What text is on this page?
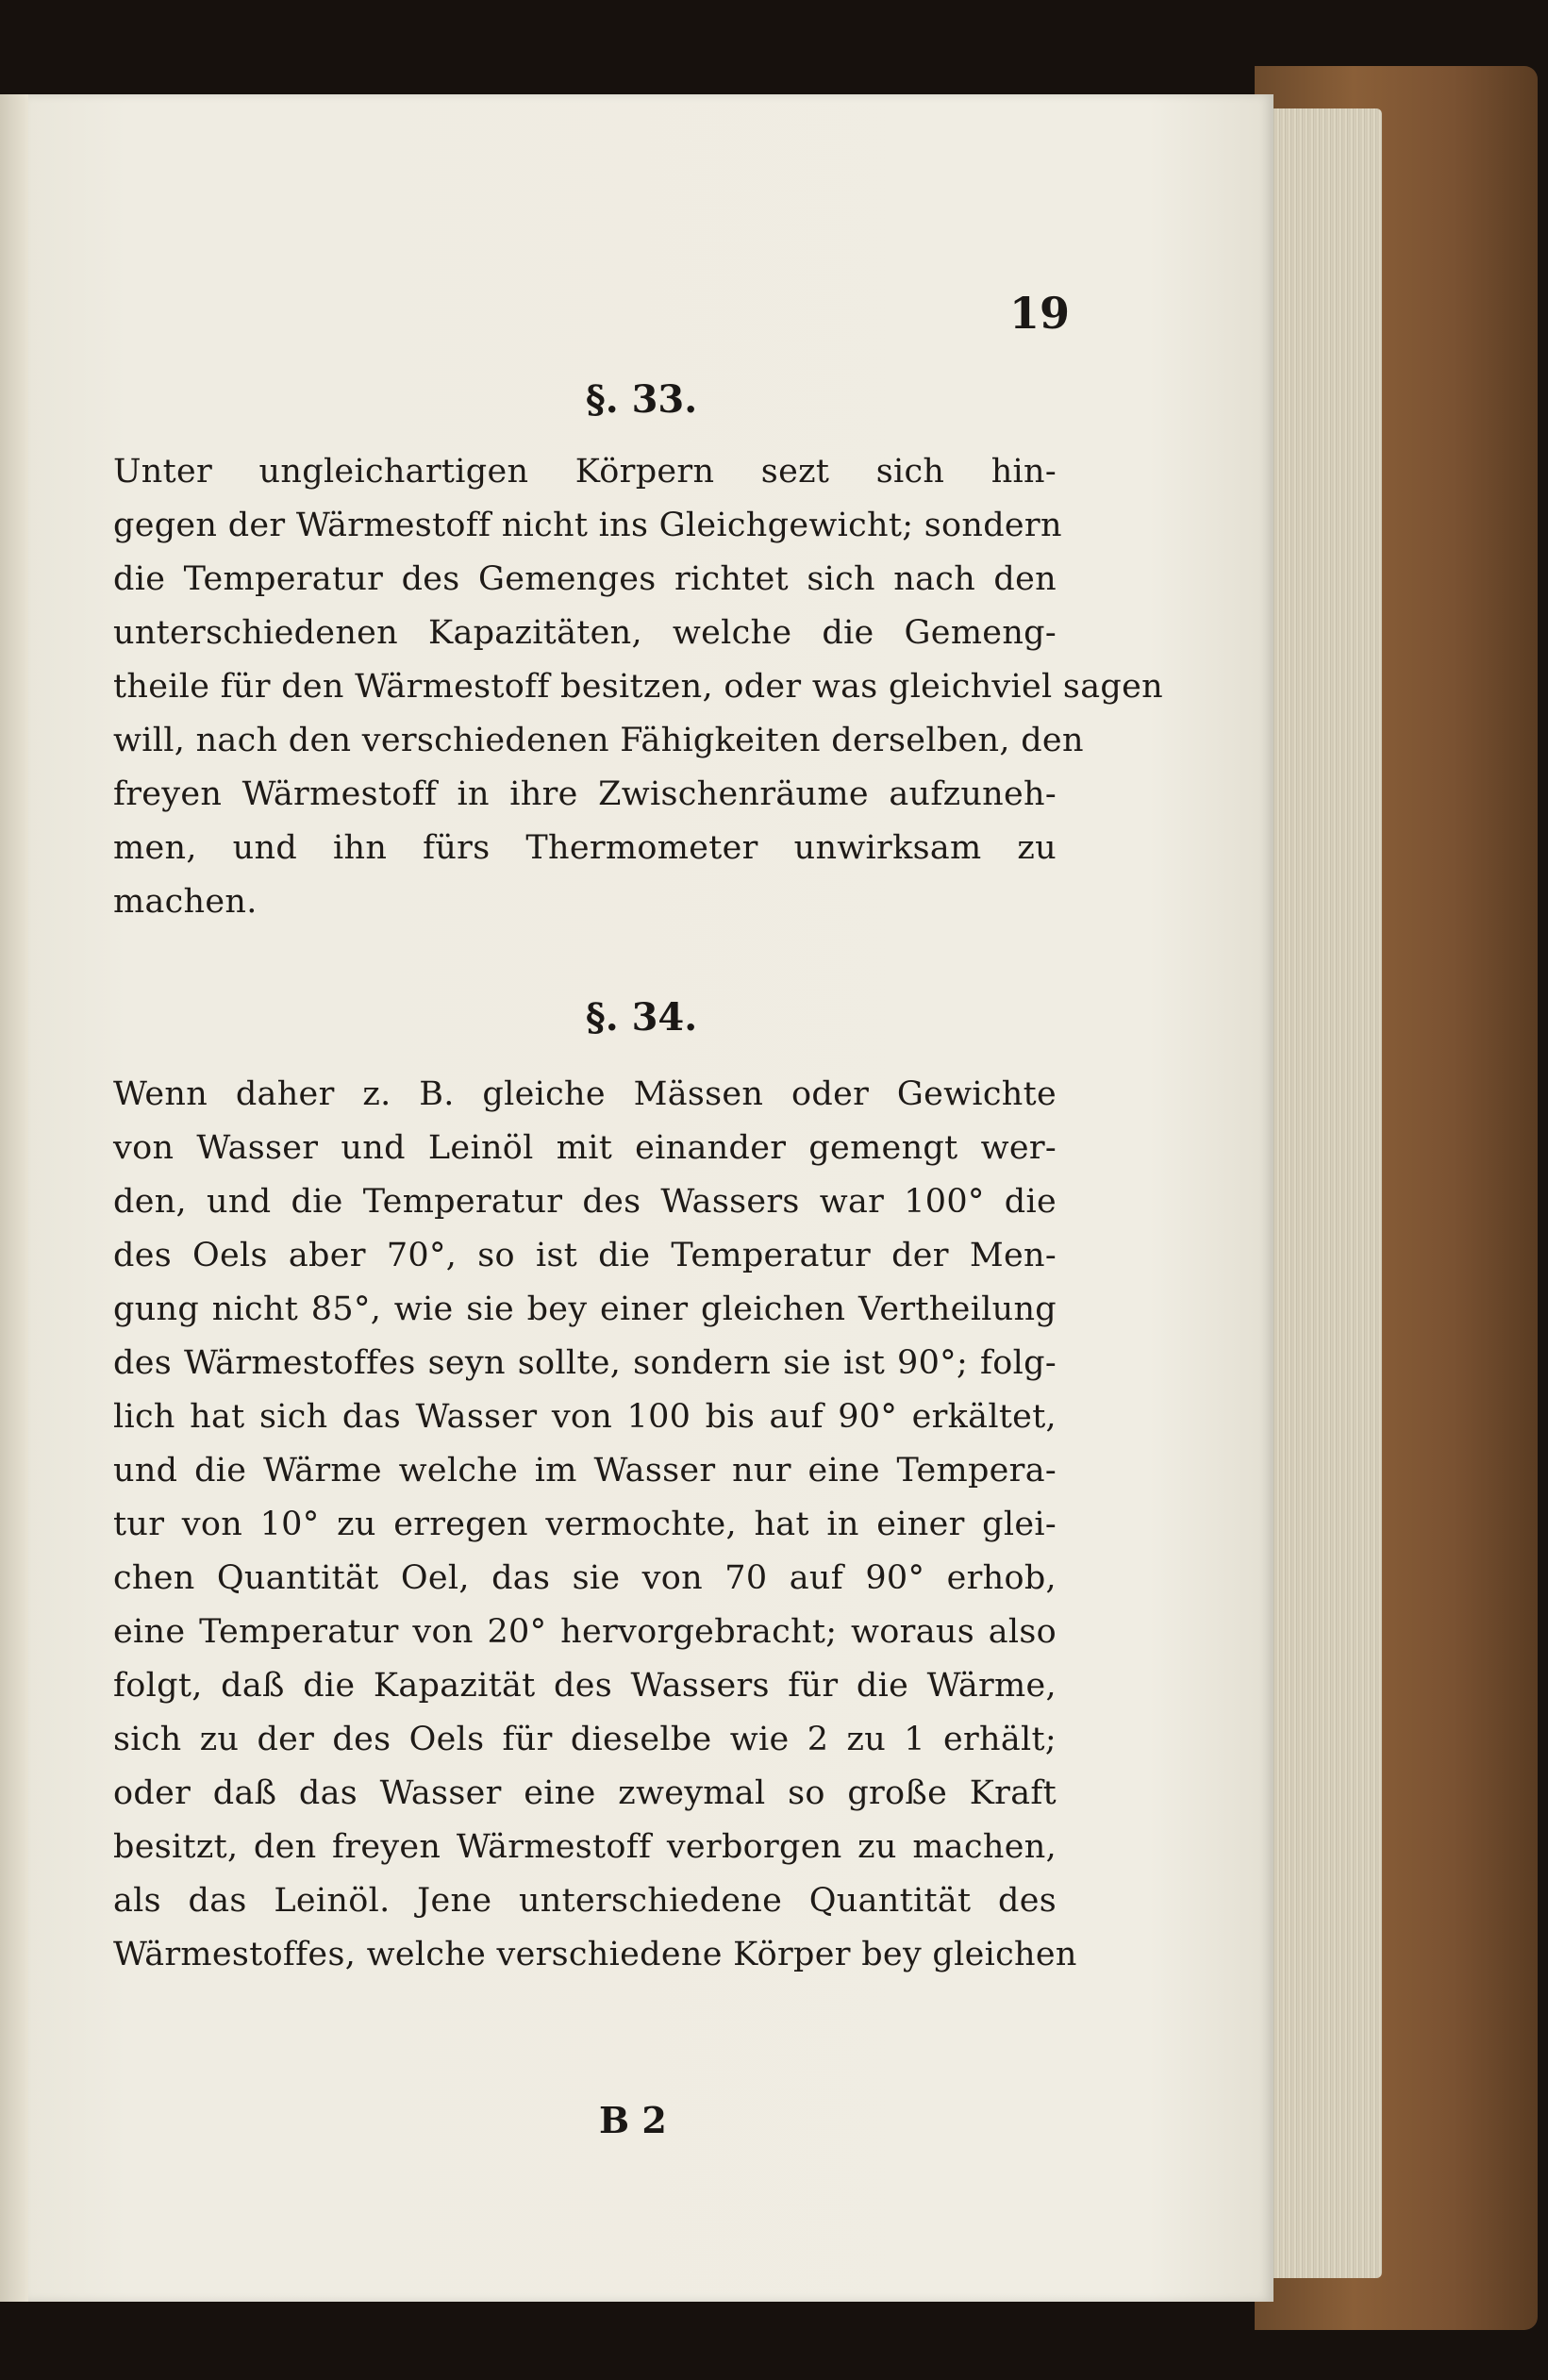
19
§. 33.
Unter ungleichartigen Körpern sezt sich hin-
gegen der Wärmestoff nicht ins Gleichgewicht; sondern
die Temperatur des Gemenges richtet sich nach den
unterschiedenen Kapazitäten, welche die Gemeng-
theile für den Wärmestoff besitzen, oder was gleichviel sagen
will, nach den verschiedenen Fähigkeiten derselben, den
freyen Wärmestoff in ihre Zwischenräume aufzuneh-
men, und ihn fürs Thermometer unwirksam zu
machen.
§. 34.
Wenn daher z. B. gleiche Mässen oder Gewichte
von Wasser und Leinöl mit einander gemengt wer-
den, und die Temperatur des Wassers war 100° die
des Oels aber 70°, so ist die Temperatur der Men-
gung nicht 85°, wie sie bey einer gleichen Vertheilung
des Wärmestoffes seyn sollte, sondern sie ist 90°; folg-
lich hat sich das Wasser von 100 bis auf 90° erkältet,
und die Wärme welche im Wasser nur eine Tempera-
tur von 10° zu erregen vermochte, hat in einer glei-
chen Quantität Oel, das sie von 70 auf 90° erhob,
eine Temperatur von 20° hervorgebracht; woraus also
folgt, daß die Kapazität des Wassers für die Wärme,
sich zu der des Oels für dieselbe wie 2 zu 1 erhält;
oder daß das Wasser eine zweymal so große Kraft
besitzt, den freyen Wärmestoff verborgen zu machen,
als das Leinöl. Jene unterschiedene Quantität des
Wärmestoffes, welche verschiedene Körper bey gleichen
B 2
